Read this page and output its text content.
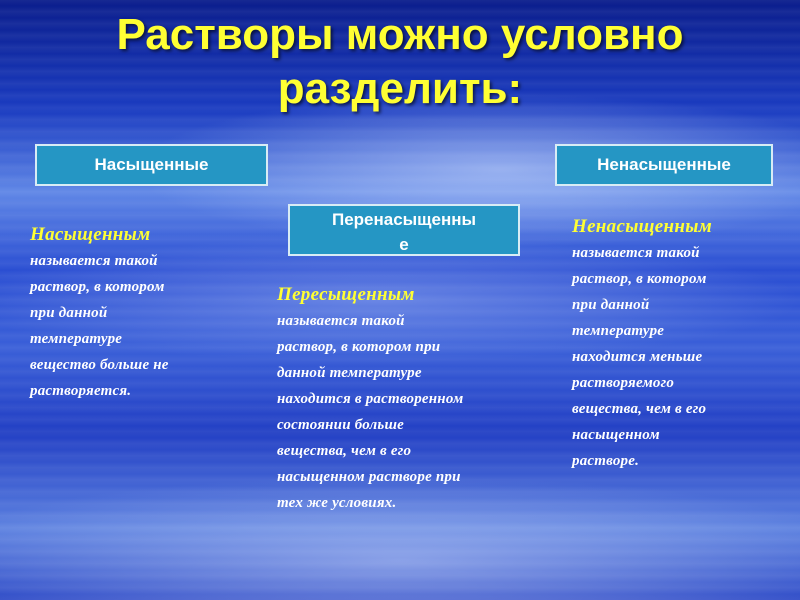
Растворы можно условно
разделить:
Насыщенные
Перенасыщенны
е
Ненасыщенные
Насыщенным
называется такой
раствор, в котором
при данной
температуре
вещество больше не
растворяется.
Пересыщенным
называется такой
раствор, в котором при
данной температуре
находится в растворенном
состоянии больше
вещества, чем в его
насыщенном растворе при
тех же условиях.
Ненасыщенным
называется такой
раствор, в котором
при данной
температуре
находится меньше
растворяемого
вещества, чем в его
насыщенном
растворе.
